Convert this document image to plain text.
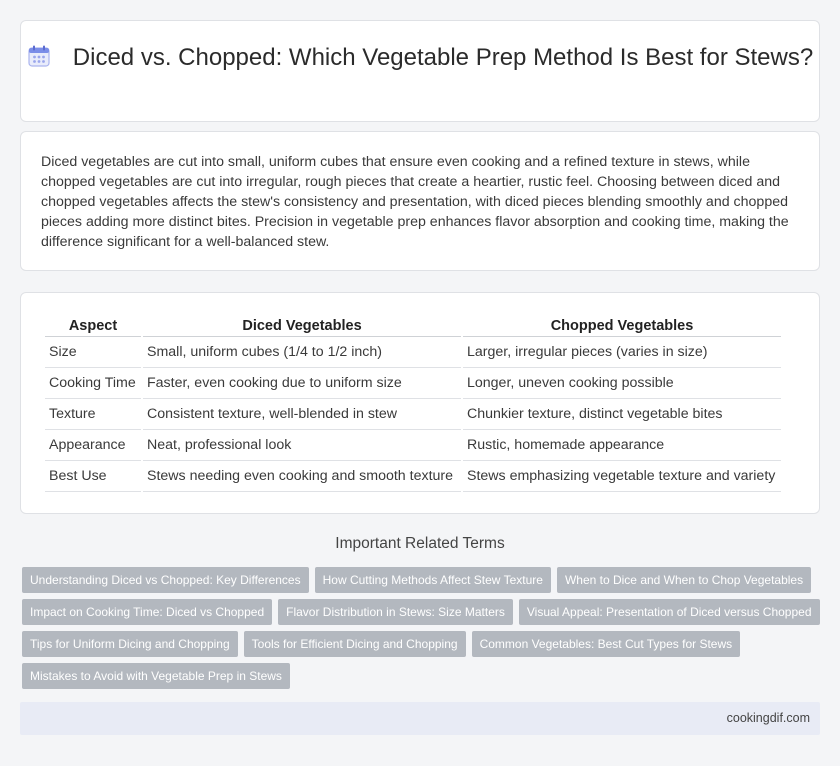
Diced vs. Chopped: Which Vegetable Prep Method Is Best for Stews?

Diced vegetables are cut into small, uniform cubes that ensure even cooking and a refined texture in stews, while chopped vegetables are cut into irregular, rough pieces that create a heartier, rustic feel. Choosing between diced and chopped vegetables affects the stew's consistency and presentation, with diced pieces blending smoothly and chopped pieces adding more distinct bites. Precision in vegetable prep enhances flavor absorption and cooking time, making the difference significant for a well-balanced stew.

Aspect	Diced Vegetables	Chopped Vegetables
Size	Small, uniform cubes (1/4 to 1/2 inch)	Larger, irregular pieces (varies in size)
Cooking Time	Faster, even cooking due to uniform size	Longer, uneven cooking possible
Texture	Consistent texture, well-blended in stew	Chunkier texture, distinct vegetable bites
Appearance	Neat, professional look	Rustic, homemade appearance
Best Use	Stews needing even cooking and smooth texture	Stews emphasizing vegetable texture and variety
Important Related Terms
Understanding Diced vs Chopped: Key Differences	How Cutting Methods Affect Stew Texture	When to Dice and When to Chop Vegetables
Impact on Cooking Time: Diced vs Chopped	Flavor Distribution in Stews: Size Matters	Visual Appeal: Presentation of Diced versus Chopped
Tips for Uniform Dicing and Chopping	Tools for Efficient Dicing and Chopping	Common Vegetables: Best Cut Types for Stews
Mistakes to Avoid with Vegetable Prep in Stews
cookingdif.com
